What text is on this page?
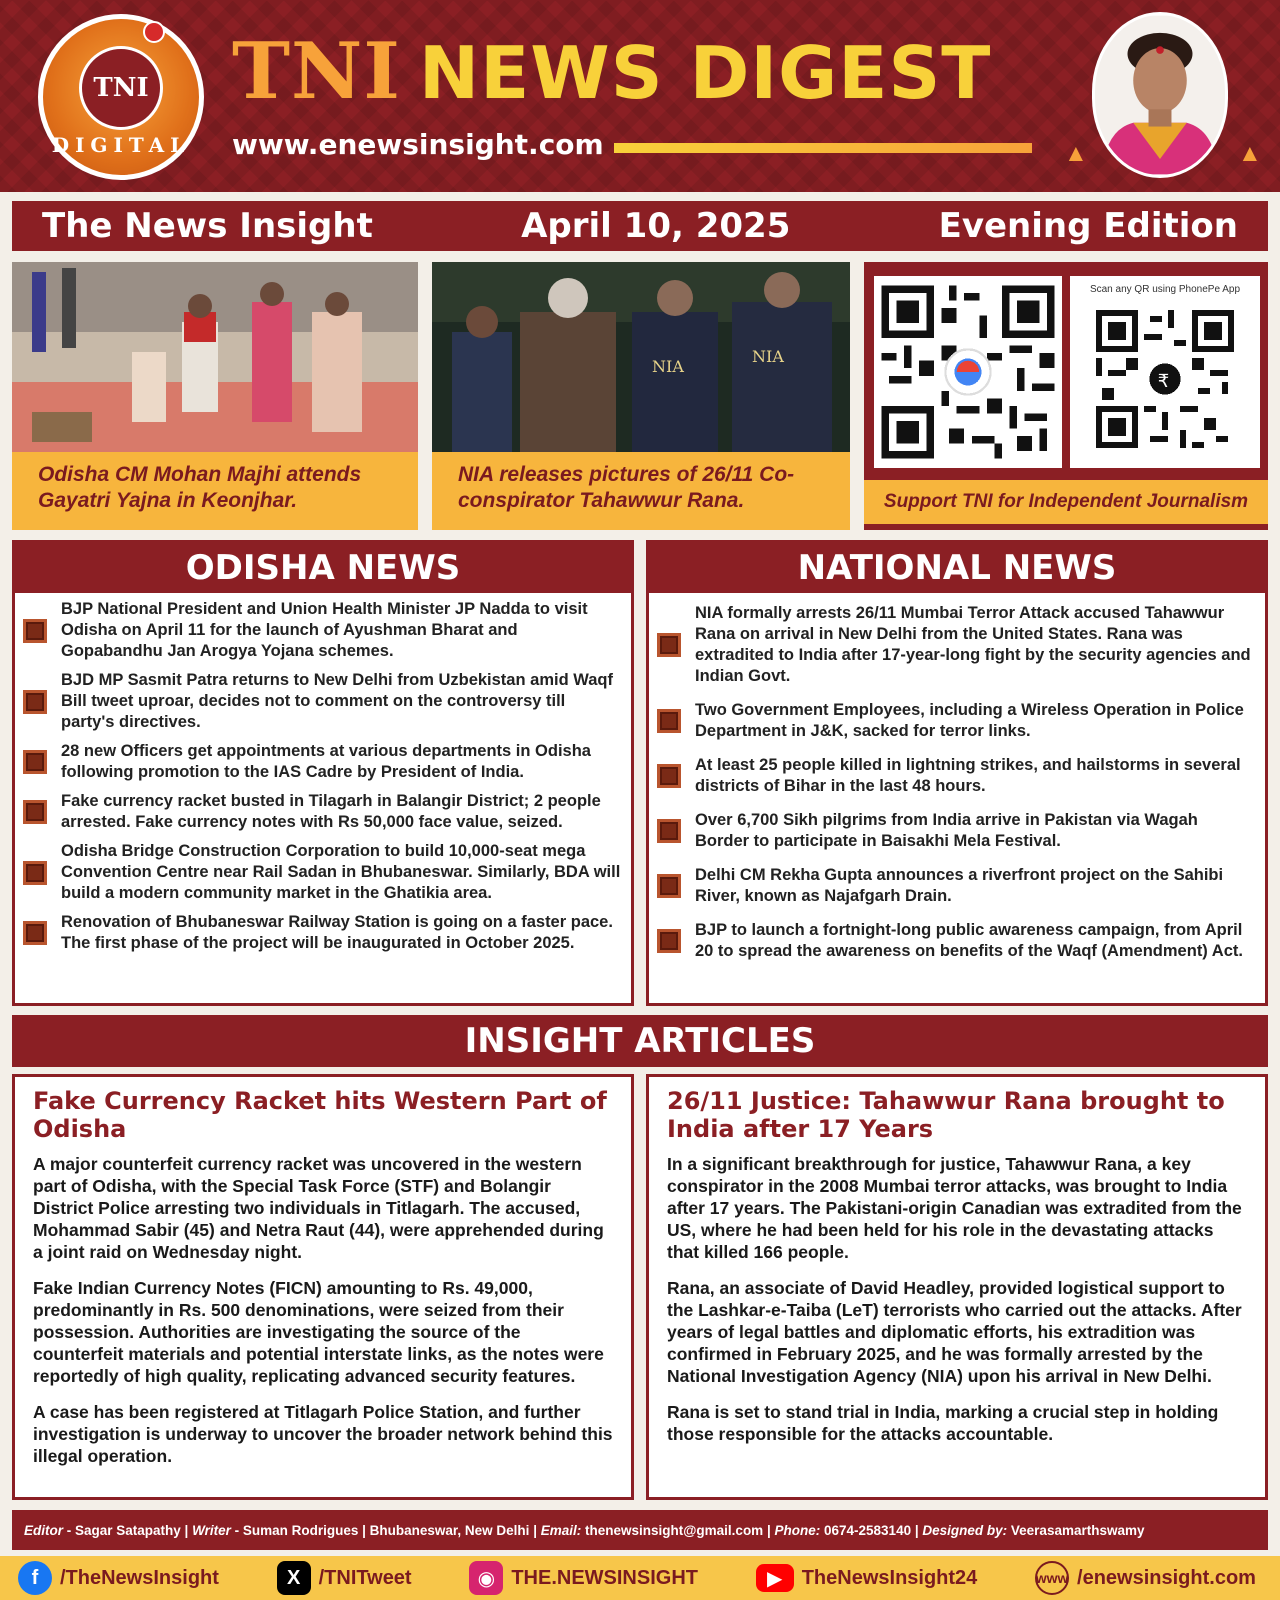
TNI
DIGITAL
TNI NEWS DIGEST
www.enewsinsight.com	▲	▲
The News Insight	April 10, 2025	Evening Edition
Odisha CM Mohan Majhi attends Gayatri Yajna in Keonjhar.
NIA
NIA
NIA releases pictures of 26/11 Co-conspirator Tahawwur Rana.
Scan any QR using PhonePe App
₹
Support TNI for Independent Journalism
ODISHA NEWS
BJP National President and Union Health Minister JP Nadda to visit Odisha on April 11 for the launch of Ayushman Bharat and Gopabandhu Jan Arogya Yojana schemes.
BJD MP Sasmit Patra returns to New Delhi from Uzbekistan amid Waqf Bill tweet uproar, decides not to comment on the controversy till party's directives.
28 new Officers get appointments at various departments in Odisha following promotion to the IAS Cadre by President of India.
Fake currency racket busted in Tilagarh in Balangir District; 2 people arrested. Fake currency notes with Rs 50,000 face value, seized.
Odisha Bridge Construction Corporation to build 10,000-seat mega Convention Centre near Rail Sadan in Bhubaneswar. Similarly, BDA will build a modern community market in the Ghatikia area.
Renovation of Bhubaneswar Railway Station is going on a faster pace. The first phase of the project will be inaugurated in October 2025.
NATIONAL NEWS
NIA formally arrests 26/11 Mumbai Terror Attack accused Tahawwur Rana on arrival in New Delhi from the United States. Rana was extradited to India after 17-year-long fight by the security agencies and Indian Govt.
Two Government Employees, including a Wireless Operation in Police Department in J&K, sacked for terror links.
At least 25 people killed in lightning strikes, and hailstorms in several districts of Bihar in the last 48 hours.
Over 6,700 Sikh pilgrims from India arrive in Pakistan via Wagah Border to participate in Baisakhi Mela Festival.
Delhi CM Rekha Gupta announces a riverfront project on the Sahibi River, known as Najafgarh Drain.
BJP to launch a fortnight-long public awareness campaign, from April 20 to spread the awareness on benefits of the Waqf (Amendment) Act.
INSIGHT ARTICLES
Fake Currency Racket hits Western Part of Odisha

A major counterfeit currency racket was uncovered in the western part of Odisha, with the Special Task Force (STF) and Bolangir District Police arresting two individuals in Titlagarh. The accused, Mohammad Sabir (45) and Netra Raut (44), were apprehended during a joint raid on Wednesday night.

Fake Indian Currency Notes (FICN) amounting to Rs. 49,000, predominantly in Rs. 500 denominations, were seized from their possession. Authorities are investigating the source of the counterfeit materials and potential interstate links, as the notes were reportedly of high quality, replicating advanced security features.

A case has been registered at Titlagarh Police Station, and further investigation is underway to uncover the broader network behind this illegal operation.

26/11 Justice: Tahawwur Rana brought to India after 17 Years

In a significant breakthrough for justice, Tahawwur Rana, a key conspirator in the 2008 Mumbai terror attacks, was brought to India after 17 years. The Pakistani-origin Canadian was extradited from the US, where he had been held for his role in the devastating attacks that killed 166 people.

Rana, an associate of David Headley, provided logistical support to the Lashkar-e-Taiba (LeT) terrorists who carried out the attacks. After years of legal battles and diplomatic efforts, his extradition was confirmed in February 2025, and he was formally arrested by the National Investigation Agency (NIA) upon his arrival in New Delhi.

Rana is set to stand trial in India, marking a crucial step in holding those responsible for the attacks accountable.

Editor - Sagar Satapathy | Writer - Suman Rodrigues | Bhubaneswar, New Delhi | Email:
thenewsinsight@gmail.com | Phone:
0674-2583140 | Designed by:
Veerasamarthswamy
f	/TheNewsInsight	X /TNITweet	◉ THE.NEWSINSIGHT	▶ TheNewsInsight24	www /enewsinsight.com
